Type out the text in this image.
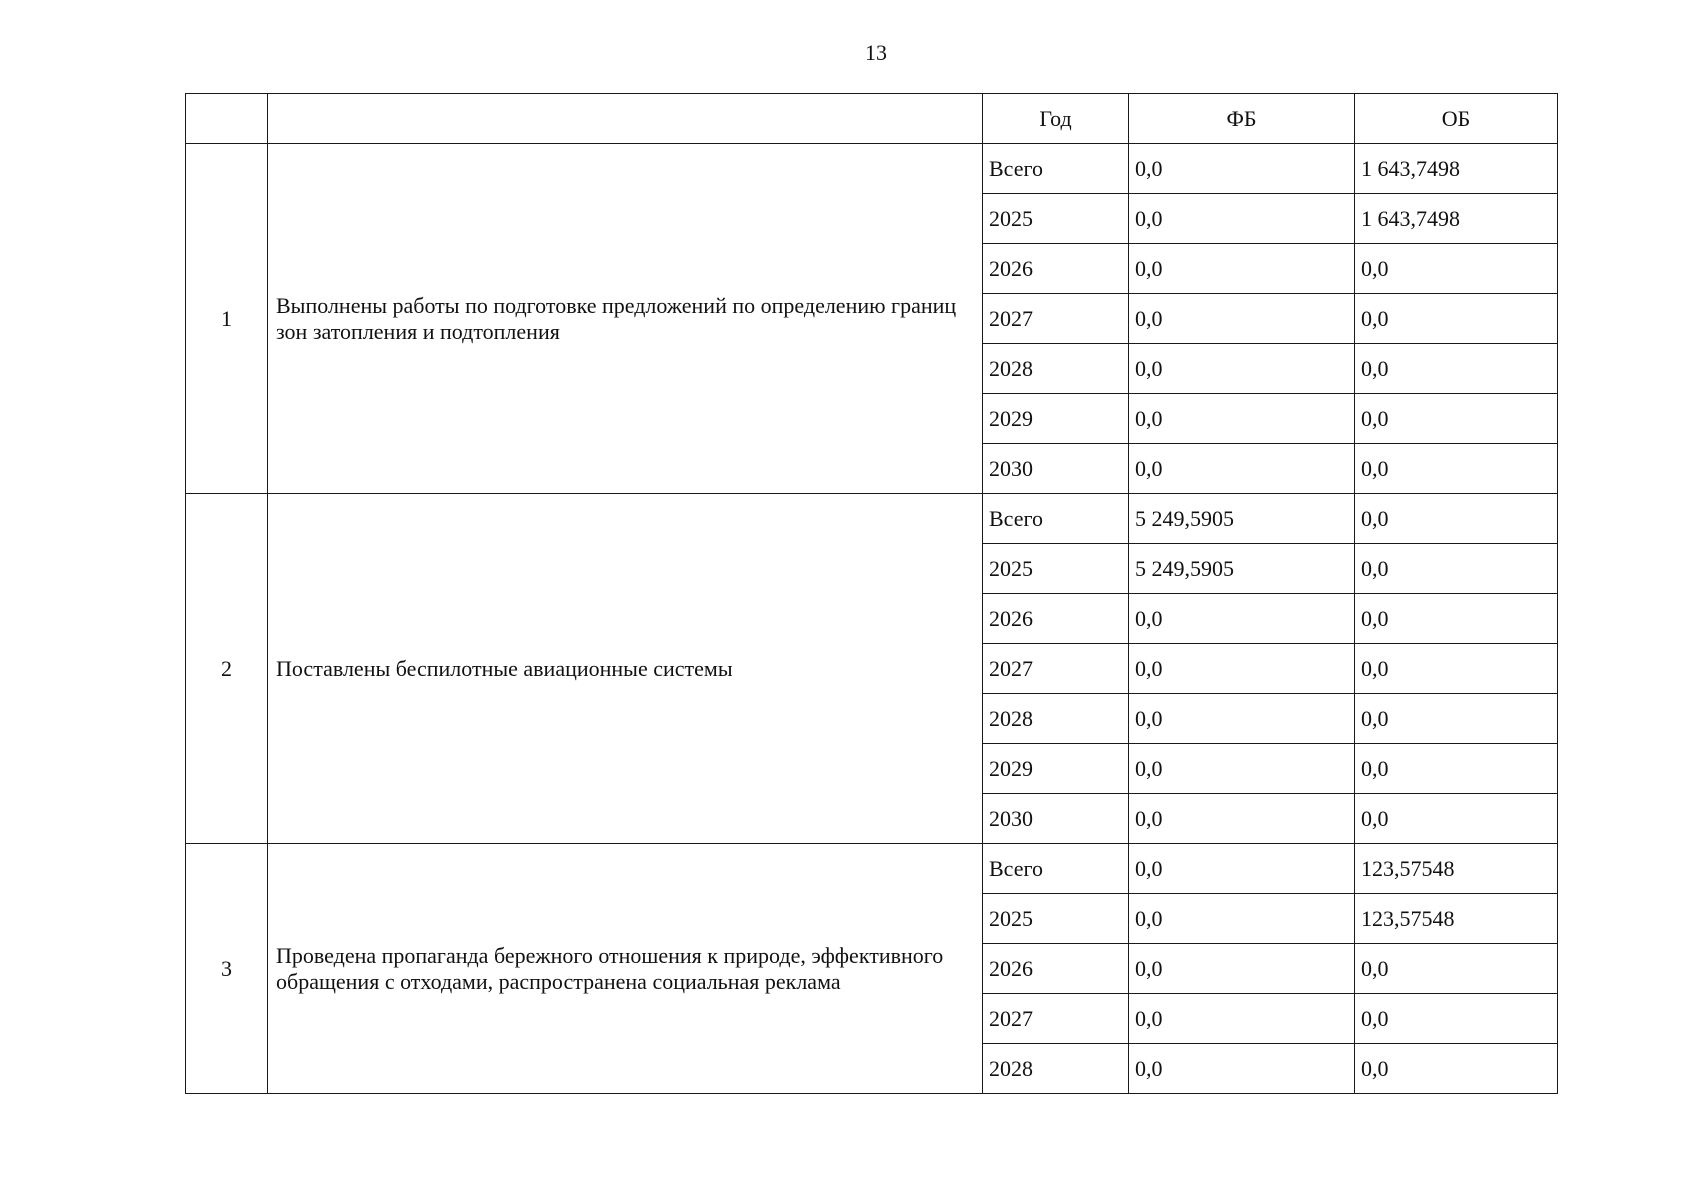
13
		Год	ФБ	ОБ
1	Выполнены работы по подготовке предложений по определению границ зон затопления и подтопления	Всего	0,0	1 643,7498
		2025	0,0	1 643,7498
		2026	0,0	0,0
		2027	0,0	0,0
		2028	0,0	0,0
		2029	0,0	0,0
		2030	0,0	0,0
2	Поставлены беспилотные авиационные системы	Всего	5 249,5905	0,0
		2025	5 249,5905	0,0
		2026	0,0	0,0
		2027	0,0	0,0
		2028	0,0	0,0
		2029	0,0	0,0
		2030	0,0	0,0
3	Проведена пропаганда бережного отношения к природе, эффективного обращения с отходами, распространена социальная реклама	Всего	0,0	123,57548
		2025	0,0	123,57548
		2026	0,0	0,0
		2027	0,0	0,0
		2028	0,0	0,0
